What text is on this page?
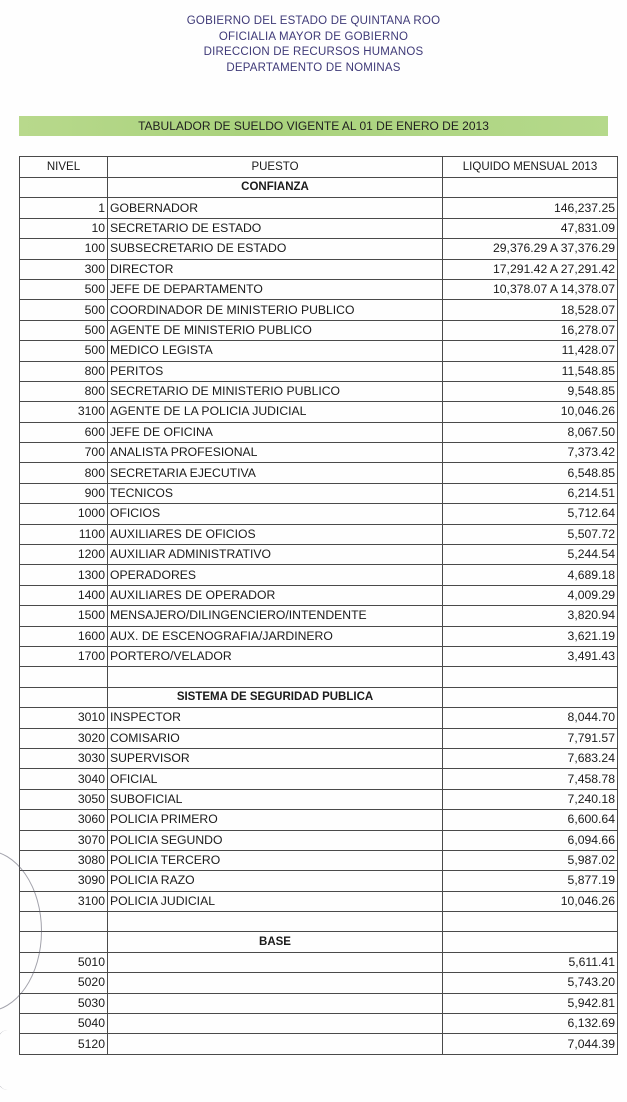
GOBIERNO DEL ESTADO DE QUINTANA ROO
OFICIALIA MAYOR DE GOBIERNO
DIRECCION DE RECURSOS HUMANOS
DEPARTAMENTO DE NOMINAS
TABULADOR DE SUELDO VIGENTE AL 01 DE ENERO DE 2013
NIVEL	PUESTO	LIQUIDO MENSUAL 2013
	CONFIANZA	
1	GOBERNADOR	146,237.25
10	SECRETARIO DE ESTADO	47,831.09
100	SUBSECRETARIO DE ESTADO	29,376.29 A 37,376.29
300	DIRECTOR	17,291.42 A 27,291.42
500	JEFE DE DEPARTAMENTO	10,378.07 A 14,378.07
500	COORDINADOR DE MINISTERIO PUBLICO	18,528.07
500	AGENTE DE MINISTERIO PUBLICO	16,278.07
500	MEDICO LEGISTA	11,428.07
800	PERITOS	11,548.85
800	SECRETARIO DE MINISTERIO PUBLICO	9,548.85
3100	AGENTE DE LA POLICIA JUDICIAL	10,046.26
600	JEFE DE OFICINA	8,067.50
700	ANALISTA PROFESIONAL	7,373.42
800	SECRETARIA EJECUTIVA	6,548.85
900	TECNICOS	6,214.51
1000	OFICIOS	5,712.64
1100	AUXILIARES DE OFICIOS	5,507.72
1200	AUXILIAR ADMINISTRATIVO	5,244.54
1300	OPERADORES	4,689.18
1400	AUXILIARES DE OPERADOR	4,009.29
1500	MENSAJERO/DILINGENCIERO/INTENDENTE	3,820.94
1600	AUX. DE ESCENOGRAFIA/JARDINERO	3,621.19
1700	PORTERO/VELADOR	3,491.43

	SISTEMA DE SEGURIDAD PUBLICA	
3010	INSPECTOR	8,044.70
3020	COMISARIO	7,791.57
3030	SUPERVISOR	7,683.24
3040	OFICIAL	7,458.78
3050	SUBOFICIAL	7,240.18
3060	POLICIA PRIMERO	6,600.64
3070	POLICIA SEGUNDO	6,094.66
3080	POLICIA TERCERO	5,987.02
3090	POLICIA RAZO	5,877.19
3100	POLICIA JUDICIAL	10,046.26

	BASE	
5010		5,611.41
5020		5,743.20
5030		5,942.81
5040		6,132.69
5120		7,044.39
